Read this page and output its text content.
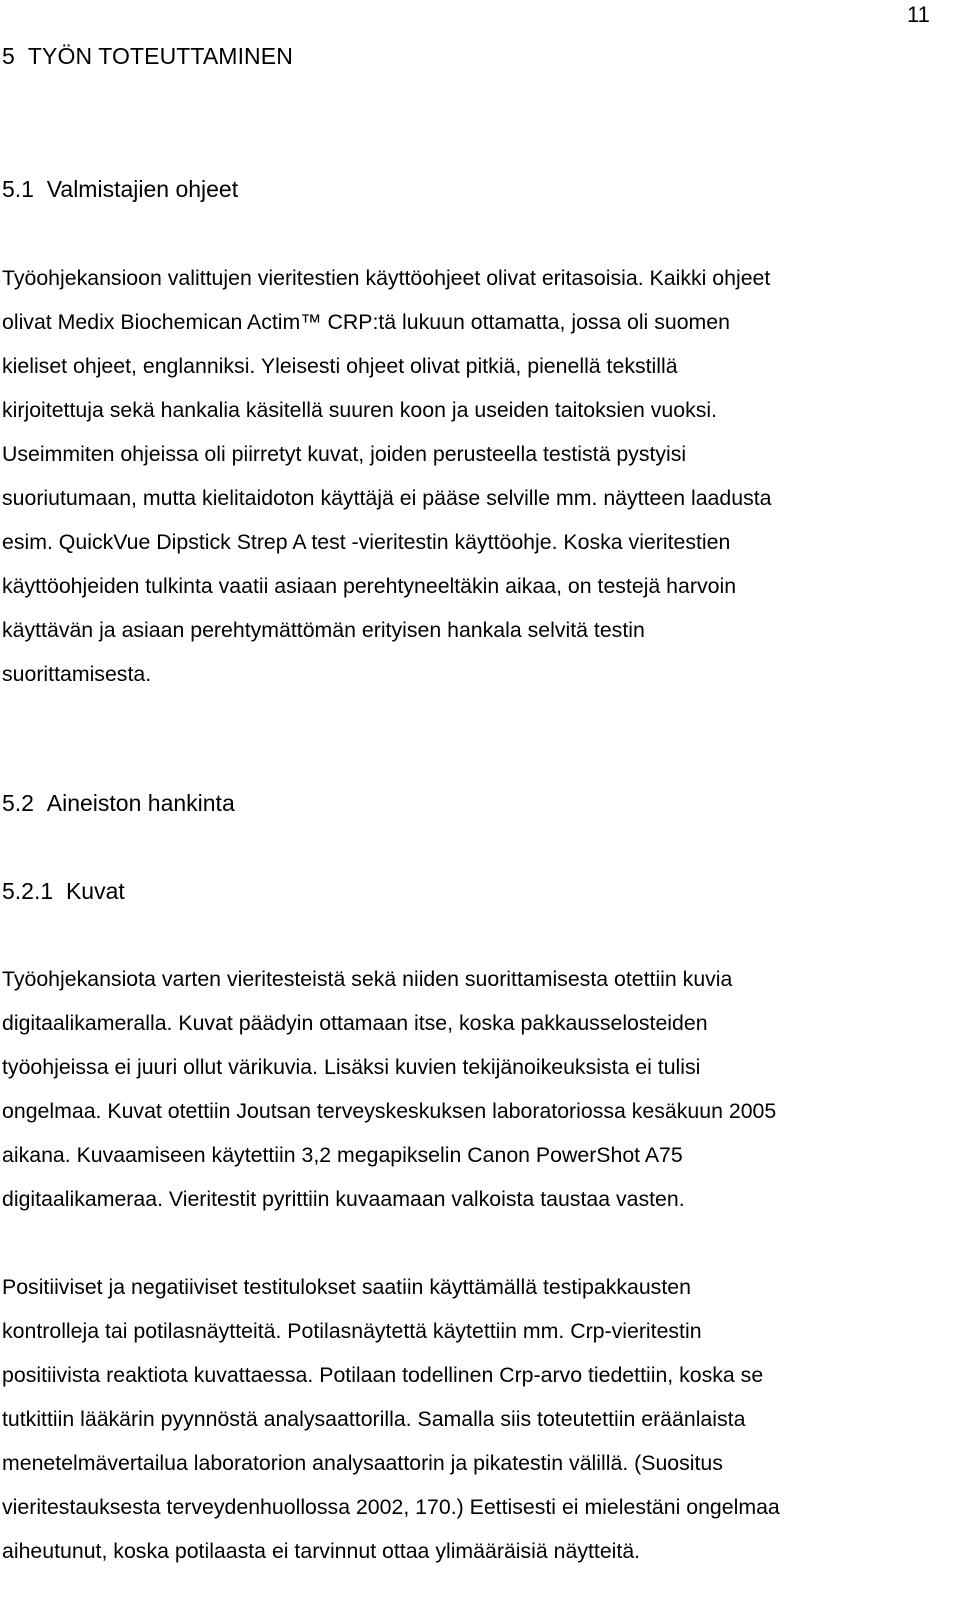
11
5 TYÖN TOTEUTTAMINEN
5.1 Valmistajien ohjeet

Työohjekansioon valittujen vieritestien käyttöohjeet olivat eritasoisia. Kaikki ohjeet
olivat Medix Biochemican Actim™ CRP:tä lukuun ottamatta, jossa oli suomen
kieliset ohjeet, englanniksi. Yleisesti ohjeet olivat pitkiä, pienellä tekstillä
kirjoitettuja sekä hankalia käsitellä suuren koon ja useiden taitoksien vuoksi.
Useimmiten ohjeissa oli piirretyt kuvat, joiden perusteella testistä pystyisi
suoriutumaan, mutta kielitaidoton käyttäjä ei pääse selville mm. näytteen laadusta
esim. QuickVue Dipstick Strep A test -vieritestin käyttöohje. Koska vieritestien
käyttöohjeiden tulkinta vaatii asiaan perehtyneeltäkin aikaa, on testejä harvoin
käyttävän ja asiaan perehtymättömän erityisen hankala selvitä testin
suorittamisesta.

5.2 Aineiston hankinta
5.2.1 Kuvat

Työohjekansiota varten vieritesteistä sekä niiden suorittamisesta otettiin kuvia
digitaalikameralla. Kuvat päädyin ottamaan itse, koska pakkausselosteiden
työohjeissa ei juuri ollut värikuvia. Lisäksi kuvien tekijänoikeuksista ei tulisi
ongelmaa. Kuvat otettiin Joutsan terveyskeskuksen laboratoriossa kesäkuun 2005
aikana. Kuvaamiseen käytettiin 3,2 megapikselin Canon PowerShot A75
digitaalikameraa. Vieritestit pyrittiin kuvaamaan valkoista taustaa vasten.

Positiiviset ja negatiiviset testitulokset saatiin käyttämällä testipakkausten
kontrolleja tai potilasnäytteitä. Potilasnäytettä käytettiin mm. Crp-vieritestin
positiivista reaktiota kuvattaessa. Potilaan todellinen Crp-arvo tiedettiin, koska se
tutkittiin lääkärin pyynnöstä analysaattorilla. Samalla siis toteutettiin eräänlaista
menetelmävertailua laboratorion analysaattorin ja pikatestin välillä. (Suositus
vieritestauksesta terveydenhuollossa 2002, 170.) Eettisesti ei mielestäni ongelmaa
aiheutunut, koska potilaasta ei tarvinnut ottaa ylimääräisiä näytteitä.
